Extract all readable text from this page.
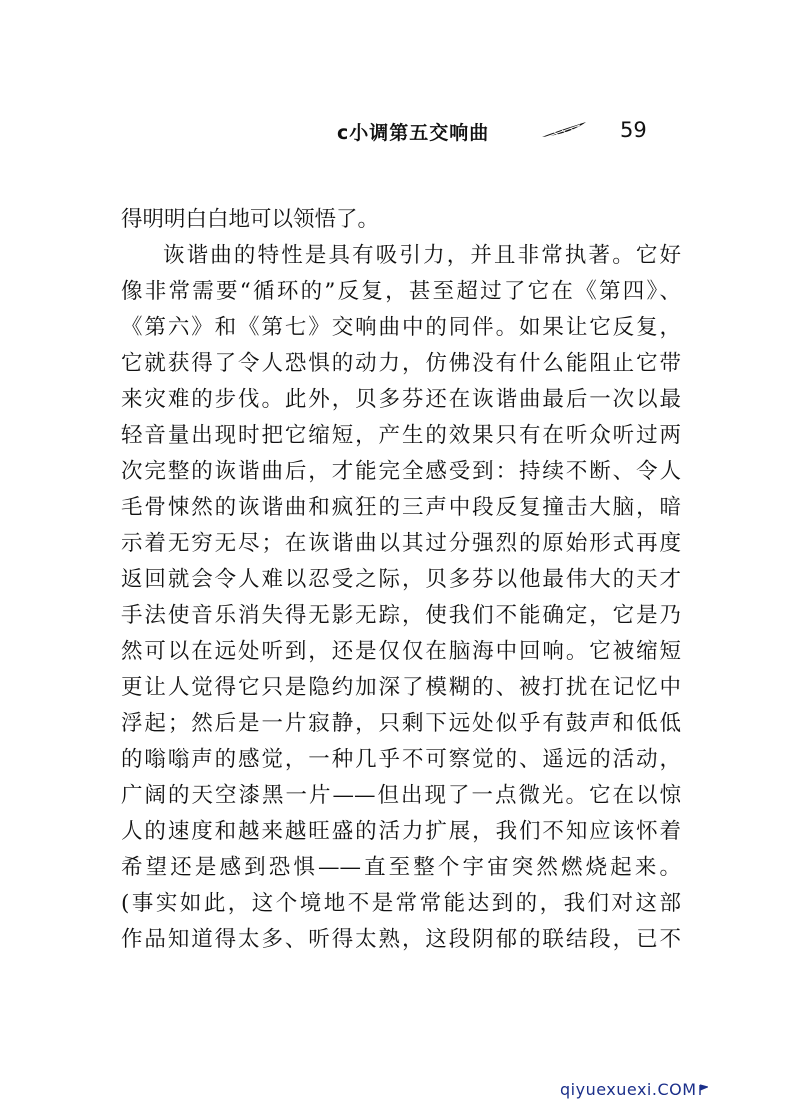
c小调第五交响曲	59
得明明白白地可以领悟了。
诙谐曲的特性是具有吸引力，并且非常执著。它好
像非常需要“循环的”反复，甚至超过了它在《第四》、
《第六》和《第七》交响曲中的同伴。如果让它反复，
它就获得了令人恐惧的动力，仿佛没有什么能阻止它带
来灾难的步伐。此外，贝多芬还在诙谐曲最后一次以最
轻音量出现时把它缩短，产生的效果只有在听众听过两
次完整的诙谐曲后，才能完全感受到：持续不断、令人
毛骨悚然的诙谐曲和疯狂的三声中段反复撞击大脑，暗
示着无穷无尽；在诙谐曲以其过分强烈的原始形式再度
返回就会令人难以忍受之际，贝多芬以他最伟大的天才
手法使音乐消失得无影无踪，使我们不能确定，它是乃
然可以在远处听到，还是仅仅在脑海中回响。它被缩短
更让人觉得它只是隐约加深了模糊的、被打扰在记忆中
浮起；然后是一片寂静，只剩下远处似乎有鼓声和低低
的嗡嗡声的感觉，一种几乎不可察觉的、遥远的活动，
广阔的天空漆黑一片——但出现了一点微光。它在以惊
人的速度和越来越旺盛的活力扩展，我们不知应该怀着
希望还是感到恐惧——直至整个宇宙突然燃烧起来。
(事实如此，这个境地不是常常能达到的，我们对这部
作品知道得太多、听得太熟，这段阴郁的联结段，已不
qiyuexuexi.COM
